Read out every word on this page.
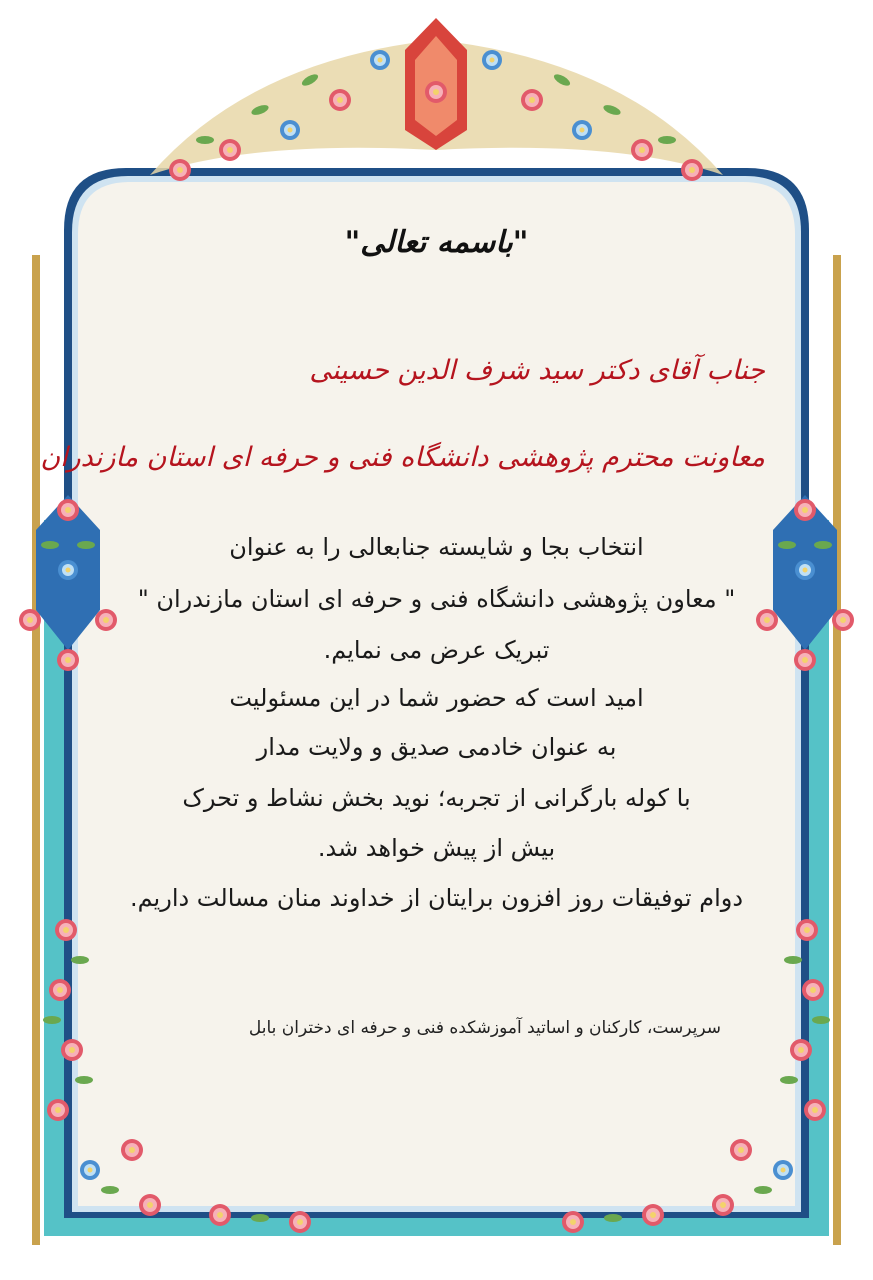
"باسمه تعالی"
جناب آقای دکتر سید شرف الدین حسینی
معاونت محترم پژوهشی دانشگاه فنی و حرفه ای استان مازندران
انتخاب بجا و شایسته جنابعالی را به عنوان
" معاون پژوهشی دانشگاه فنی و حرفه ای استان مازندران "
تبریک عرض می نمایم.
امید است که حضور شما در این مسئولیت
به عنوان خادمی صدیق و ولایت مدار
با کوله بارگرانی از تجربه؛ نوید بخش نشاط و تحرک
بیش از پیش خواهد شد.
دوام توفیقات روز افزون برایتان از خداوند منان مسالت داریم.
سرپرست، کارکنان و اساتید آموزشکده فنی و حرفه ای دختران بابل
